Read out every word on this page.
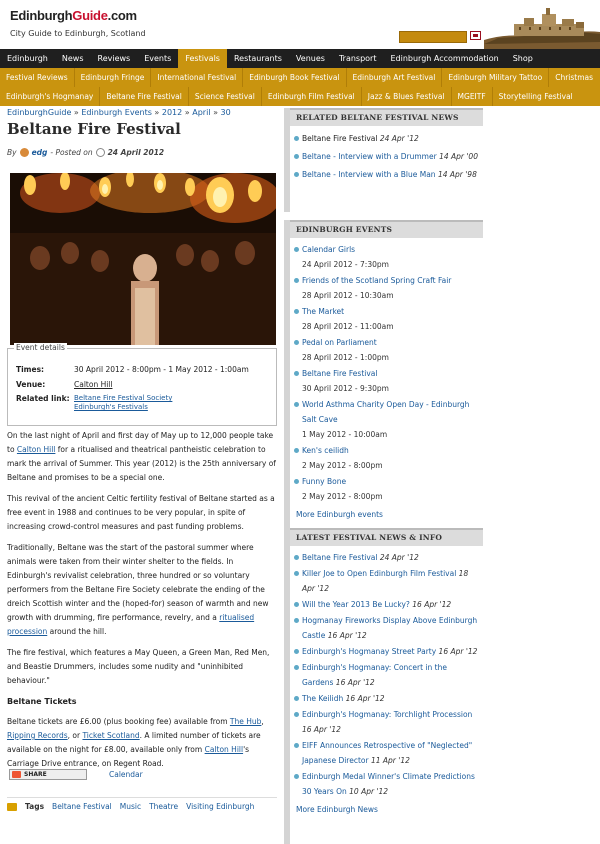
EdinburghGuide.com
City Guide to Edinburgh, Scotland
Edinburgh	News	Reviews	Events	Festivals	Restaurants	Venues	Transport	Edinburgh Accommodation	Shop
Festival Reviews	Edinburgh Fringe	International Festival	Edinburgh Book Festival	Edinburgh Art Festival	Edinburgh Military Tattoo	Christmas
Edinburgh's Hogmanay	Beltane Fire Festival	Science Festival	Edinburgh Film Festival	Jazz & Blues Festival	MGEITF	Storytelling Festival
EdinburghGuide » Edinburgh Events » 2012 » April » 30
Beltane Fire Festival
By edg - Posted on 24 April 2012
Event details
Times:	30 April 2012 - 8:00pm - 1 May 2012 - 1:00am
Venue:	Calton Hill
Related link: Beltane Fire Festival Society
Edinburgh's Festivals

On the last night of April and first day of May up to 12,000 people take to Calton Hill for a ritualised and theatrical pantheistic celebration to mark the arrival of Summer. This year (2012) is the 25th anniversary of Beltane and promises to be a special one.

This revival of the ancient Celtic fertility festival of Beltane started as a free event in 1988 and continues to be very popular, in spite of increasing crowd-control measures and past funding problems.

Traditionally, Beltane was the start of the pastoral summer where animals were taken from their winter shelter to the fields. In Edinburgh's revivalist celebration, three hundred or so voluntary performers from the Beltane Fire Society celebrate the ending of the dreich Scottish winter and the (hoped-for) season of warmth and new growth with drumming, fire performance, revelry, and a ritualised procession around the hill.

The fire festival, which features a May Queen, a Green Man, Red Men, and Beastie Drummers, includes some nudity and "uninhibited behaviour."

Beltane Tickets

Beltane tickets are £6.00 (plus booking fee) available from The Hub, Ripping Records, or Ticket Scotland. A limited number of tickets are available on the night for £8.00, available only from Calton Hill's Carriage Drive entrance, on Regent Road.

SHARE	Calendar
Tags Beltane Festival Music Theatre Visiting Edinburgh
RELATED BELTANE FESTIVAL NEWS
Beltane Fire Festival 24 Apr '12
Beltane - Interview with a Drummer 14 Apr '00
Beltane - Interview with a Blue Man 14 Apr '98
EDINBURGH EVENTS
Calendar Girls
24 April 2012 - 7:30pm
Friends of the Scotland Spring Craft Fair
28 April 2012 - 10:30am
The Market
28 April 2012 - 11:00am
Pedal on Parliament
28 April 2012 - 1:00pm
Beltane Fire Festival
30 April 2012 - 9:30pm
World Asthma Charity Open Day - Edinburgh Salt Cave
1 May 2012 - 10:00am
Ken's ceilidh
2 May 2012 - 8:00pm
Funny Bone
2 May 2012 - 8:00pm
More Edinburgh events
LATEST FESTIVAL NEWS & INFO
Beltane Fire Festival 24 Apr '12
Killer Joe to Open Edinburgh Film Festival 18 Apr '12
Will the Year 2013 Be Lucky? 16 Apr '12
Hogmanay Fireworks Display Above Edinburgh Castle 16 Apr '12
Edinburgh's Hogmanay Street Party 16 Apr '12
Edinburgh's Hogmanay: Concert in the Gardens 16 Apr '12
The Keilidh 16 Apr '12
Edinburgh's Hogmanay: Torchlight Procession 16 Apr '12
EIFF Announces Retrospective of "Neglected" Japanese Director 11 Apr '12
Edinburgh Medal Winner's Climate Predictions 30 Years On 10 Apr '12
More Edinburgh News
